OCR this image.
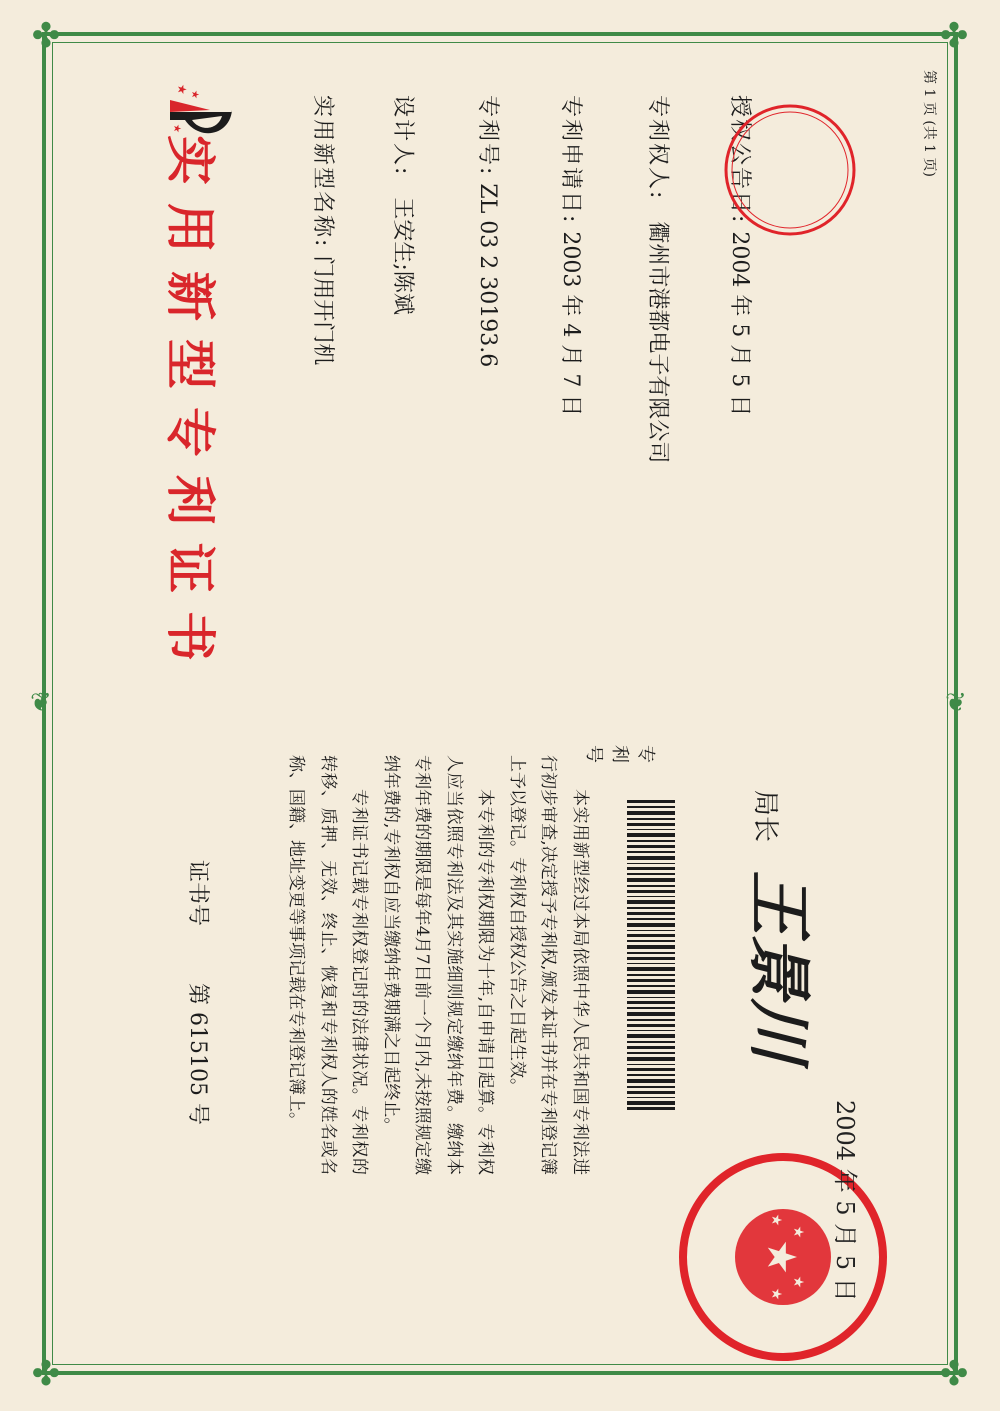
✤	✤
✤	✤
❦	❦
★ ★
★
实用新型专利证书	实用新型名称: 门用开门机
设计人: 王安生;陈斌
专利号: ZL 03 2 30193.6
专利申请日: 2003 年 4 月 7 日
专利权人: 衢州市港都电子有限公司
授权公告日: 2004 年 5 月 5 日
证书号 第 615105 号	本实用新型经过本局依照中华人民共和国专利法进行初步审查,决定授予专利权,颁发本证书并在专利登记簿上予以登记。专利权自授权公告之日起生效。

本专利的专利权期限为十年,自申请日起算。专利权人应当依照专利法及其实施细则规定缴纳年费。缴纳本专利年费的期限是每年4月7日前一个月内,未按照规定缴纳年费的,专利权自应当缴纳年费期满之日起终止。

专利证书记载专利权登记时的法律状况。专利权的转移、质押、无效、终止、恢复和专利权人的姓名或名称、国籍、地址变更等事项记载在专利登记簿上。

专利号
局长 王景川
★
★
★
★
★ 2004 年 5 月 5 日
第 1 页 (共 1 页)
